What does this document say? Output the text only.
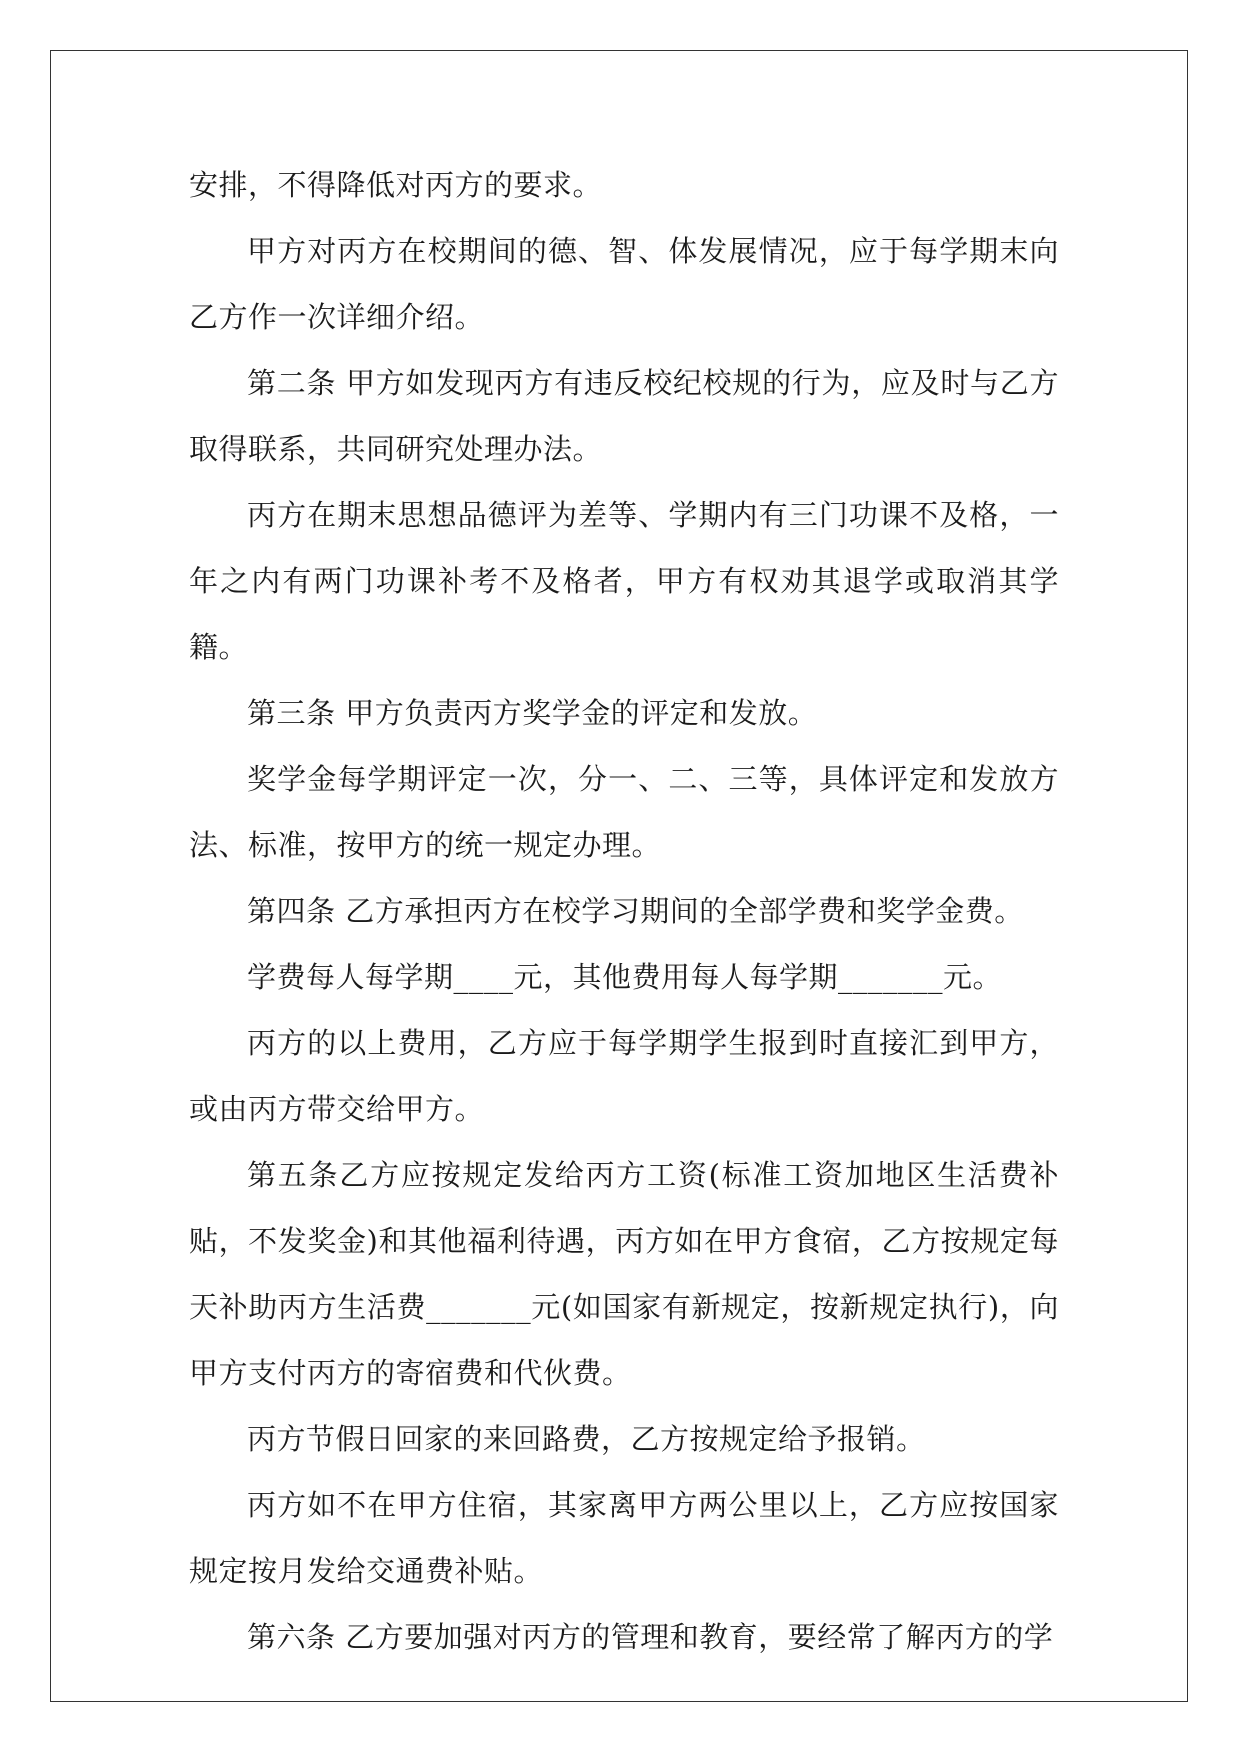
安排，不得降低对丙方的要求。

甲方对丙方在校期间的德、智、体发展情况，应于每学期末向乙方作一次详细介绍。

第二条 甲方如发现丙方有违反校纪校规的行为，应及时与乙方取得联系，共同研究处理办法。

丙方在期末思想品德评为差等、学期内有三门功课不及格，一年之内有两门功课补考不及格者，甲方有权劝其退学或取消其学籍。

第三条 甲方负责丙方奖学金的评定和发放。

奖学金每学期评定一次，分一、二、三等，具体评定和发放方法、标准，按甲方的统一规定办理。

第四条 乙方承担丙方在校学习期间的全部学费和奖学金费。

学费每人每学期____元，其他费用每人每学期_______元。

丙方的以上费用，乙方应于每学期学生报到时直接汇到甲方，或由丙方带交给甲方。

第五条乙方应按规定发给丙方工资(标准工资加地区生活费补贴，不发奖金)和其他福利待遇，丙方如在甲方食宿，乙方按规定每天补助丙方生活费_______元(如国家有新规定，按新规定执行)，向甲方支付丙方的寄宿费和代伙费。

丙方节假日回家的来回路费，乙方按规定给予报销。

丙方如不在甲方住宿，其家离甲方两公里以上，乙方应按国家规定按月发给交通费补贴。

第六条 乙方要加强对丙方的管理和教育，要经常了解丙方的学
